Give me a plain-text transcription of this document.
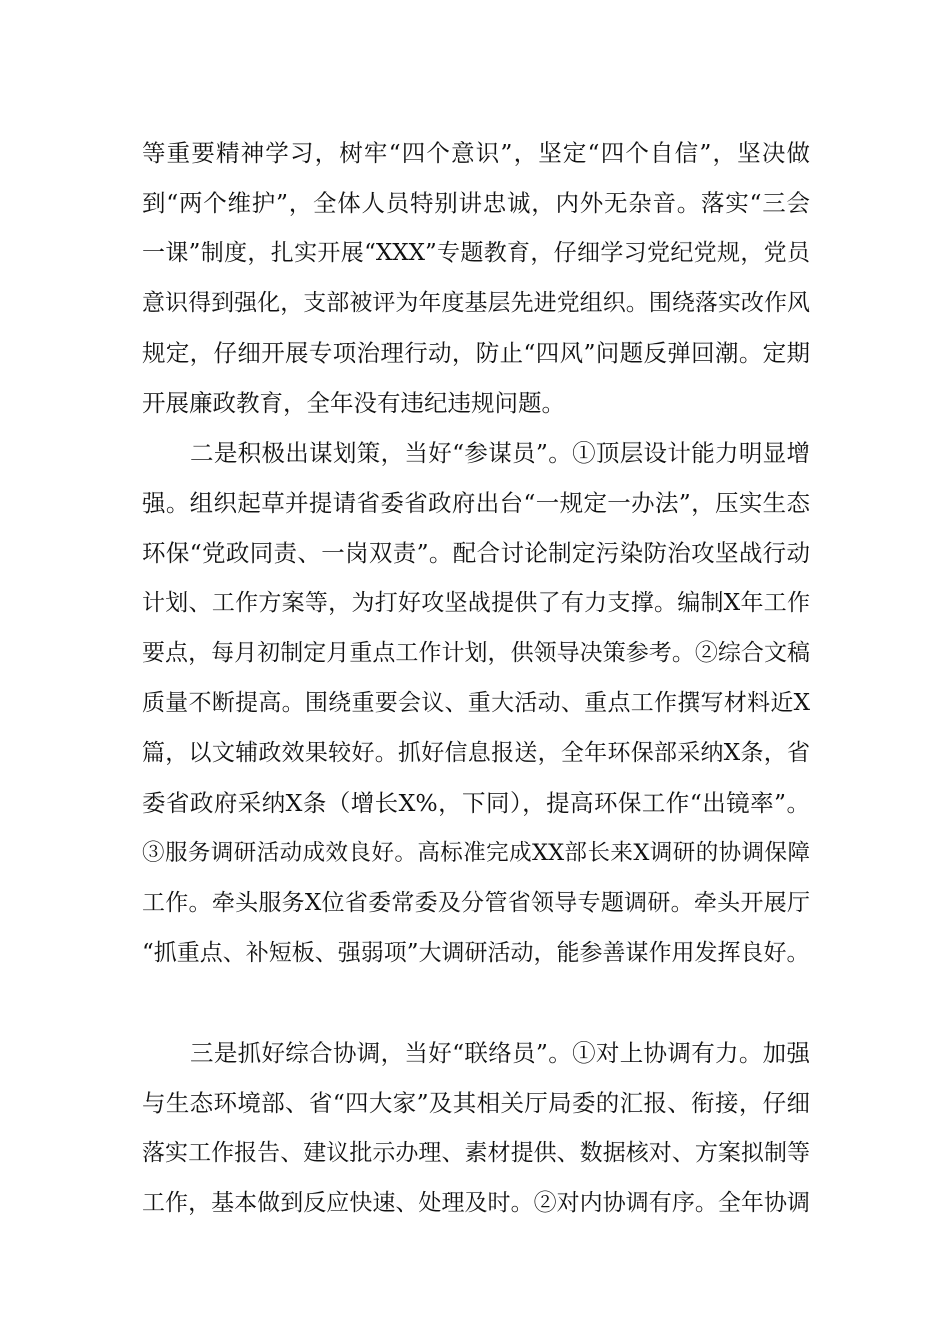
等重要精神学习，树牢“四个意识”，坚定“四个自信”，坚决做
到“两个维护”，全体人员特别讲忠诚，内外无杂音。落实“三会
一课”制度，扎实开展“XXX”专题教育，仔细学习党纪党规，党员
意识得到强化，支部被评为年度基层先进党组织。围绕落实改作风
规定，仔细开展专项治理行动，防止“四风”问题反弹回潮。定期
开展廉政教育，全年没有违纪违规问题。
二是积极出谋划策，当好“参谋员”。①顶层设计能力明显增
强。组织起草并提请省委省政府出台“一规定一办法”，压实生态
环保“党政同责、一岗双责”。配合讨论制定污染防治攻坚战行动
计划、工作方案等，为打好攻坚战提供了有力支撑。编制X年工作
要点，每月初制定月重点工作计划，供领导决策参考。②综合文稿
质量不断提高。围绕重要会议、重大活动、重点工作撰写材料近X
篇，以文辅政效果较好。抓好信息报送，全年环保部采纳X条，省
委省政府采纳X条（增长X%，下同），提高环保工作“出镜率”。
③服务调研活动成效良好。高标准完成XX部长来X调研的协调保障
工作。牵头服务X位省委常委及分管省领导专题调研。牵头开展厅
“抓重点、补短板、强弱项”大调研活动，能参善谋作用发挥良好。
三是抓好综合协调，当好“联络员”。①对上协调有力。加强
与生态环境部、省“四大家”及其相关厅局委的汇报、衔接，仔细
落实工作报告、建议批示办理、素材提供、数据核对、方案拟制等
工作，基本做到反应快速、处理及时。②对内协调有序。全年协调
